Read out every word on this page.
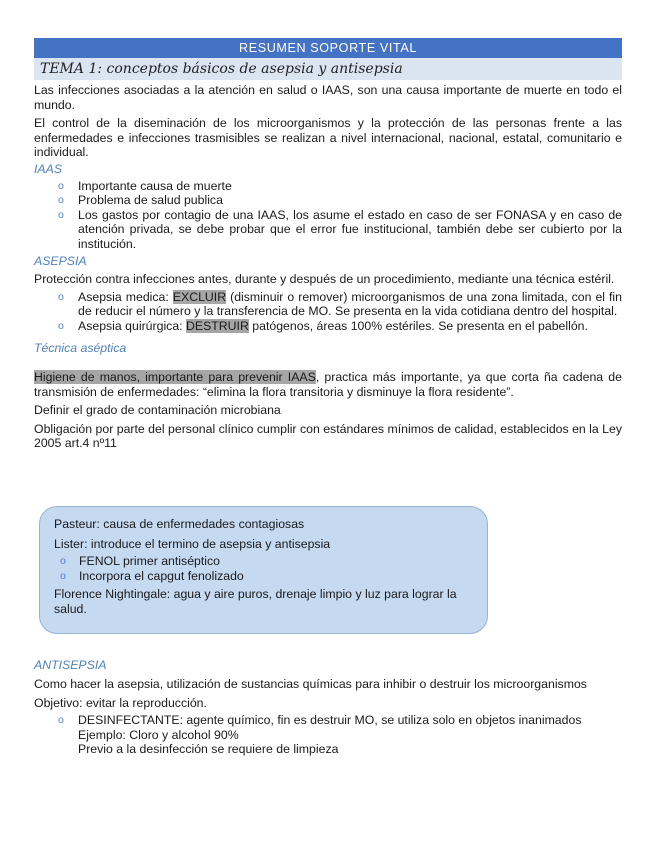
RESUMEN SOPORTE VITAL
TEMA 1: conceptos básicos de asepsia y antisepsia

Las infecciones asociadas a la atención en salud o IAAS, son una causa importante de muerte en todo el mundo.

El control de la diseminación de los microorganismos y la protección de las personas frente a las enfermedades e infecciones trasmisibles se realizan a nivel internacional, nacional, estatal, comunitario e individual.

IAAS
o Importante causa de muerte
o Problema de salud publica
o Los gastos por contagio de una IAAS, los asume el estado en caso de ser FONASA y en caso de atención privada, se debe probar que el error fue institucional, también debe ser cubierto por la institución.
ASEPSIA

Protección contra infecciones antes, durante y después de un procedimiento, mediante una técnica estéril.

o Asepsia medica: EXCLUIR (disminuir o remover) microorganismos de una zona limitada, con el fin de reducir el número y la transferencia de MO. Se presenta en la vida cotidiana dentro del hospital.
o Asepsia quirúrgica: DESTRUIR patógenos, áreas 100% estériles. Se presenta en el pabellón.
Técnica aséptica

Higiene de manos, importante para prevenir IAAS, practica más importante, ya que corta ña cadena de transmisión de enfermedades: “elimina la flora transitoria y disminuye la flora residente”.

Definir el grado de contaminación microbiana

Obligación por parte del personal clínico cumplir con estándares mínimos de calidad, establecidos en la Ley 2005 art.4 nº11

ANTISEPSIA

Como hacer la asepsia, utilización de sustancias químicas para inhibir o destruir los microorganismos

Objetivo: evitar la reproducción.

o DESINFECTANTE: agente químico, fin es destruir MO, se utiliza solo en objetos inanimados
Ejemplo: Cloro y alcohol 90%
Previo a la desinfección se requiere de limpieza

Pasteur: causa de enfermedades contagiosas

Lister: introduce el termino de asepsia y antisepsia

o FENOL primer antiséptico
o Incorpora el capgut fenolizado

Florence Nightingale: agua y aire puros, drenaje limpio y luz para lograr la salud.
